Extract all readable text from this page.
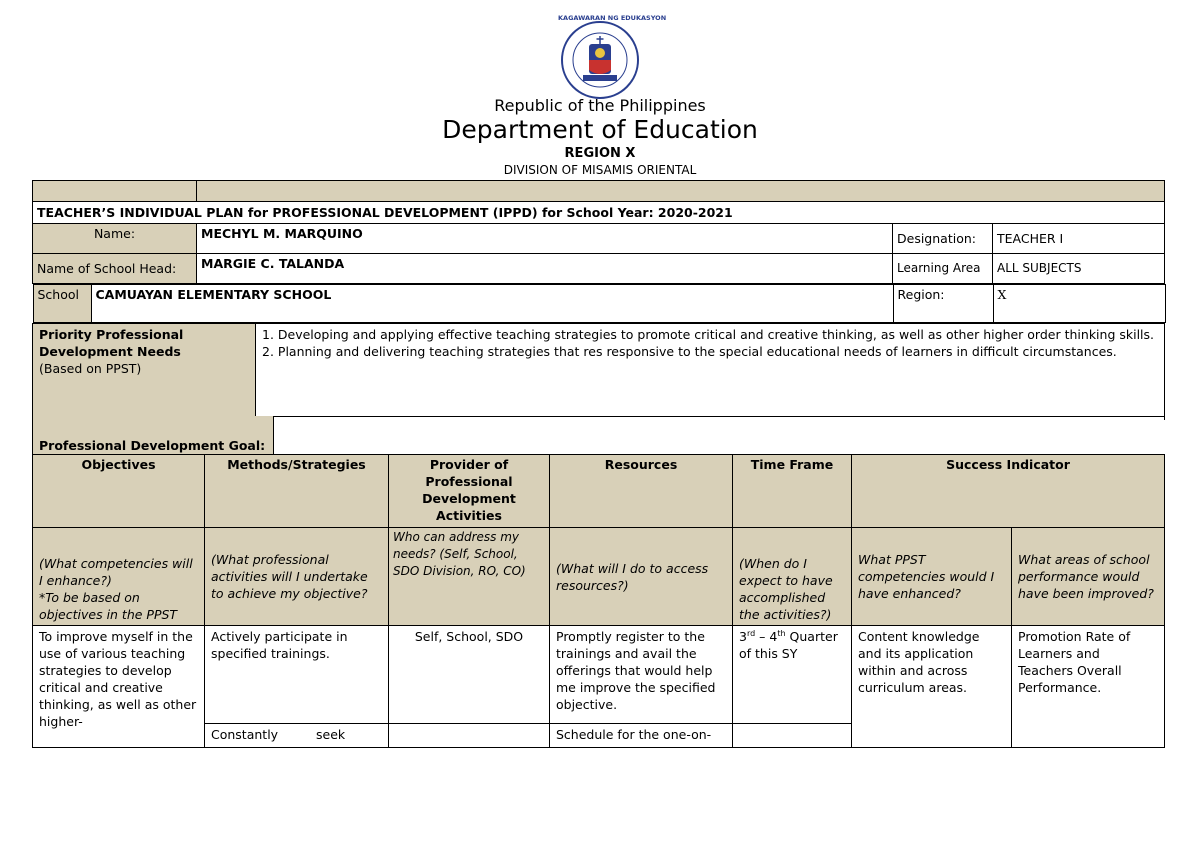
KAGAWARAN NG EDUKASYON
Republic of the Philippines
Department of Education
REGION X
DIVISION OF MISAMIS ORIENTAL

TEACHER’S INDIVIDUAL PLAN for PROFESSIONAL DEVELOPMENT (IPPD) for School Year: 2020-2021
Name:	MECHYL M. MARQUINO	Designation:	TEACHER I
Name of School Head:	MARGIE C. TALANDA	Learning Area	ALL SUBJECTS

School	CAMUAYAN ELEMENTARY SCHOOL	Region:	X

Priority Professional Development Needs
(Based on PPST)

1. Developing and applying effective teaching strategies to promote critical and creative thinking, as well as other higher order thinking skills.
2. Planning and delivering teaching strategies that res responsive to the special educational needs of learners in difficult circumstances.
Professional Development Goal:
Objectives	Methods/Strategies	Provider of Professional Development Activities	Resources	Time Frame	Success Indicator	

(What competencies will I enhance?)
*To be based on objectives in the PPST	(What professional activities will I undertake to achieve my objective?	Who can address my needs? (Self, School, SDO Division, RO, CO)	(What will I do to access resources?)	(When do I expect to have accomplished the activities?)	What PPST competencies would I have enhanced?	What areas of school performance would have been improved?
To improve myself in the use of various teaching strategies to develop critical and creative thinking, as well as other higher-	Actively participate in specified trainings.	Self, School, SDO	Promptly register to the trainings and avail the offerings that would help me improve the specified objective.	3rd – 4th Quarter of this SY	Content knowledge and its application within and across curriculum areas.	Promotion Rate of Learners and Teachers Overall Performance.
	Constantly seek		Schedule for the one-on-			
